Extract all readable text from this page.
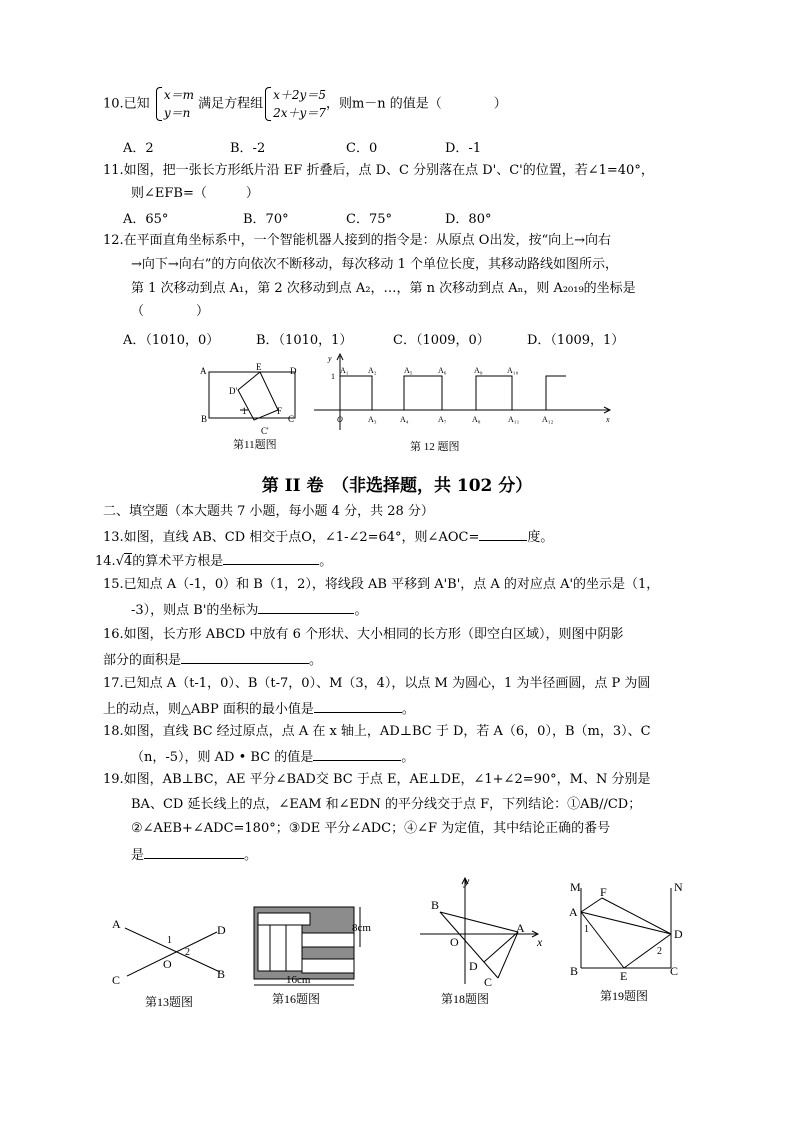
10.已知
x＝m
y＝n
满足方程组
x＋2y＝5
2x＋y＝7
，则m－n 的值是（　　　　）
A．2	B．-2	C．0	D．-1
11.如图，把一张长方形纸片沿 EF 折叠后，点 D、C 分别落在点 D'、C'的位置，若∠1=40°，
则∠EFB=（　　　）
A．65°	B．70°	C．75°	D．80°
12.在平面直角坐标系中，一个智能机器人接到的指令是：从原点 O出发，按“向上→向右
→向下→向右”的方向依次不断移动，每次移动 1 个单位长度，其移动路线如图所示，
第 1 次移动到点 A₁，第 2 次移动到点 A₂，…，第 n 次移动到点 Aₙ，则 A₂₀₁₉的坐标是
（　　　　）
A．（1010，0）	B．（1010，1）	C．（1009，0）	D．（1009，1）
A	E	D
D'
B
1	F
C
C'
第11题图
y
1
O	x
A₁ A₂	A₅	A₆	A₉	A₁₀
A₃	A₄	A₇	A₈	A₁₁	A₁₂
第 12 题图
第 II 卷　（非选择题，共 102 分）
二、填空题（本大题共 7 小题，每小题 4 分，共 28 分）
13.如图，直线 AB、CD 相交于点O，∠1-∠2=64°，则∠AOC=	度。
14.√4的算术平方根是	。
15.已知点 A（-1，0）和 B（1，2），将线段 AB 平移到 A'B'，点 A 的对应点 A'的坐示是（1，
-3），则点 B'的坐标为	。
16.如图，长方形 ABCD 中放有 6 个形状、大小相同的长方形（即空白区域），则图中阴影
部分的面积是	。
17.已知点 A（t-1，0）、B（t-7，0）、M（3，4），以点 M 为圆心，1 为半径画圆，点 P 为圆
上的动点，则△ABP 面积的最小值是	。
18.如图，直线 BC 经过原点，点 A 在 x 轴上，AD⊥BC 于 D，若 A（6，0），B（m，3）、C
（n，-5），则 AD • BC 的值是	。
19.如图，AB⊥BC，AE 平分∠BAD交 BC 于点 E，AE⊥DE，∠1+∠2=90°，M、N 分别是
BA、CD 延长线上的点，∠EAM 和∠EDN 的平分线交于点 F，下列结论：①AB//CD；
②∠AEB+∠ADC=180°；③DE 平分∠ADC；④∠F 为定值，其中结论正确的番号
是	。
A	D
C	B
O
1
2
第13题图
8cm
16cm
第16题图
y
x
B
O
A
D
C
第18题图
M F	N
A
1	D
2
B	E	C
第19题图
